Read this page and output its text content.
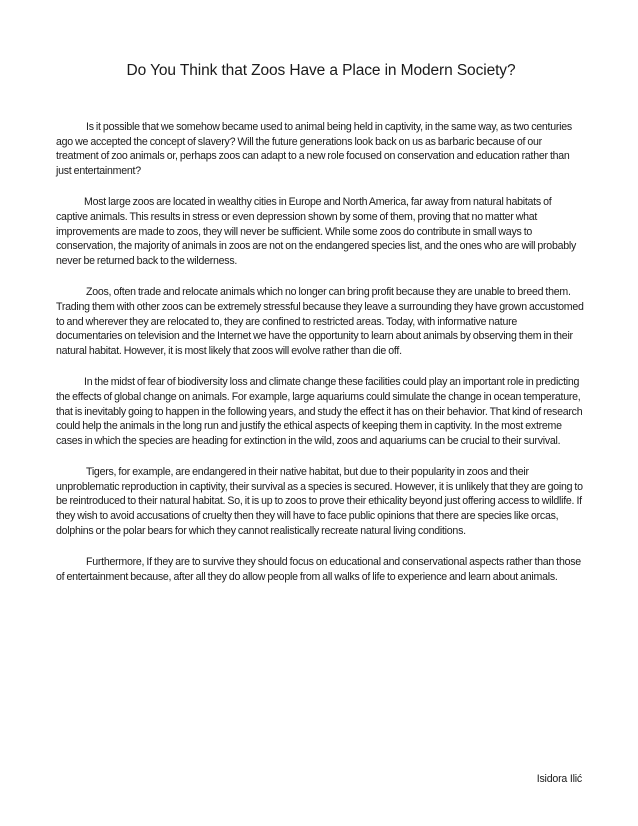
Do You Think that Zoos Have a Place in Modern Society?

Is it possible that we somehow became used to animal being held in captivity, in the same way, as two centuries ago we accepted the concept of slavery? Will the future generations look back on us as barbaric because of our treatment of zoo animals or, perhaps zoos can adapt to a new role focused on conservation and education rather than just entertainment?

Most large zoos are located in wealthy cities in Europe and North America, far away from natural habitats of captive animals. This results in stress or even depression shown by some of them, proving that no matter what improvements are made to zoos, they will never be sufficient. While some zoos do contribute in small ways to conservation, the majority of animals in zoos are not on the endangered species list, and the ones who are will probably never be returned back to the wilderness.

Zoos, often trade and relocate animals which no longer can bring profit because they are unable to breed them. Trading them with other zoos can be extremely stressful because they leave a surrounding they have grown accustomed to and wherever they are relocated to, they are confined to restricted areas. Today, with informative nature documentaries on television and the Internet we have the opportunity to learn about animals by observing them in their natural habitat. However, it is most likely that zoos will evolve rather than die off.

In the midst of fear of biodiversity loss and climate change these facilities could play an important role in predicting the effects of global change on animals. For example, large aquariums could simulate the change in ocean temperature, that is inevitably going to happen in the following years, and study the effect it has on their behavior. That kind of research could help the animals in the long run and justify the ethical aspects of keeping them in captivity. In the most extreme cases in which the species are heading for extinction in the wild, zoos and aquariums can be crucial to their survival.

Tigers, for example, are endangered in their native habitat, but due to their popularity in zoos and their unproblematic reproduction in captivity, their survival as a species is secured. However, it is unlikely that they are going to be reintroduced to their natural habitat. So, it is up to zoos to prove their ethicality beyond just offering access to wildlife. If they wish to avoid accusations of cruelty then they will have to face public opinions that there are species like orcas, dolphins or the polar bears for which they cannot realistically recreate natural living conditions.

Furthermore, If they are to survive they should focus on educational and conservational aspects rather than those of entertainment because, after all they do allow people from all walks of life to experience and learn about animals.

Isidora Ilić
